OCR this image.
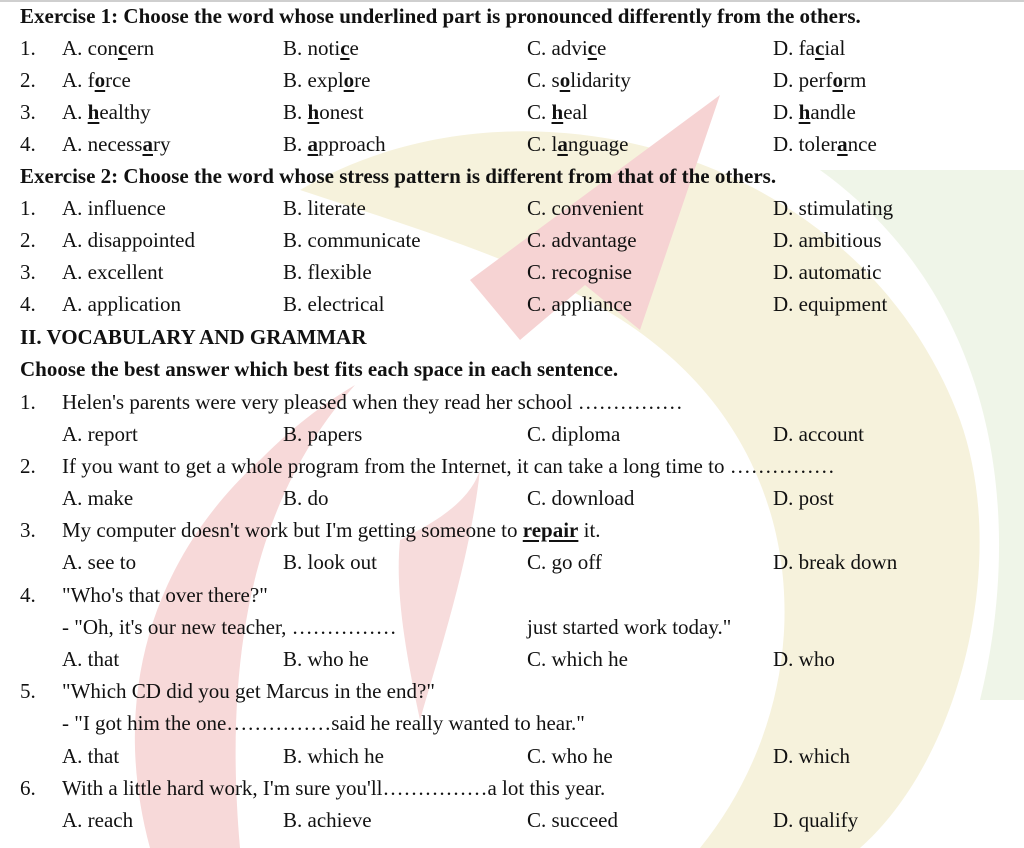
Exercise 1: Choose the word whose underlined part is pronounced differently from the others.
1. A. concern	B. notice	C. advice	D. facial
2. A. force	B. explore	C. solidarity	D. perform
3. A. healthy	B. honest	C. heal	D. handle
4. A. necessary	B. approach	C. language	D. tolerance
Exercise 2: Choose the word whose stress pattern is different from that of the others.
1. A. influence	B. literate	C. convenient	D. stimulating
2. A. disappointed	B. communicate	C. advantage	D. ambitious
3. A. excellent	B. flexible	C. recognise	D. automatic
4. A. application	B. electrical	C. appliance	D. equipment
II. VOCABULARY AND GRAMMAR
Choose the best answer which best fits each space in each sentence.
1. Helen's parents were very pleased when they read her school ……………
A. report	B. papers	C. diploma	D. account
2. If you want to get a whole program from the Internet, it can take a long time to ……………
A. make	B. do	C. download	D. post
3. My computer doesn't work but I'm getting someone to repair it.
A. see to	B. look out	C. go off	D. break down
4. "Who's that over there?"
- "Oh, it's our new teacher, ……………	just started work today."
A. that	B. who he	C. which he	D. who
5. "Which CD did you get Marcus in the end?"
- "I got him the one……………said he really wanted to hear."
A. that	B. which he	C. who he	D. which
6. With a little hard work, I'm sure you'll……………a lot this year.
A. reach	B. achieve	C. succeed	D. qualify
